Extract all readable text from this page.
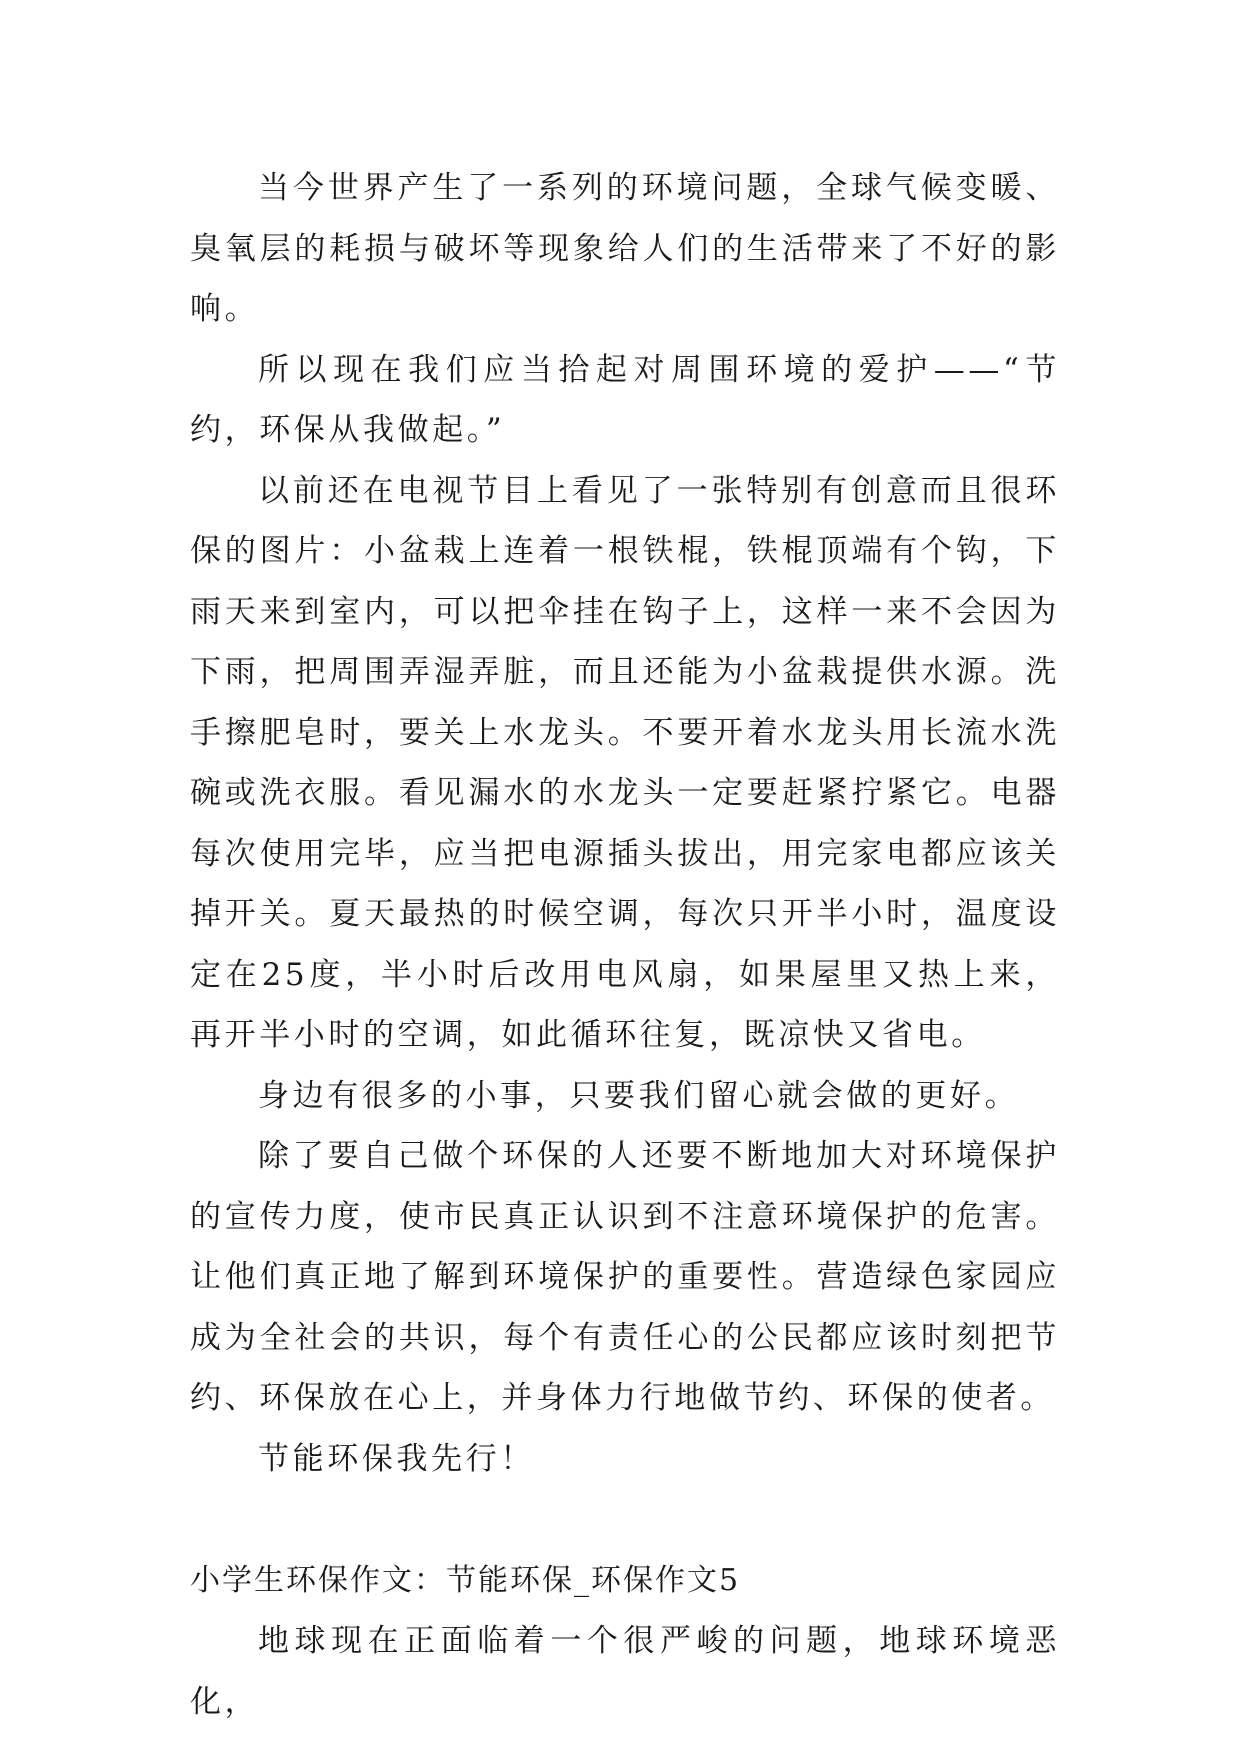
当今世界产生了一系列的环境问题，全球气候变暖、臭氧层的耗损与破坏等现象给人们的生活带来了不好的影响。

所以现在我们应当拾起对周围环境的爱护——“节约，环保从我做起。”

以前还在电视节目上看见了一张特别有创意而且很环保的图片：小盆栽上连着一根铁棍，铁棍顶端有个钩，下雨天来到室内，可以把伞挂在钩子上，这样一来不会因为下雨，把周围弄湿弄脏，而且还能为小盆栽提供水源。洗手擦肥皂时，要关上水龙头。不要开着水龙头用长流水洗碗或洗衣服。看见漏水的水龙头一定要赶紧拧紧它。电器每次使用完毕，应当把电源插头拔出，用完家电都应该关掉开关。夏天最热的时候空调，每次只开半小时，温度设定在25度，半小时后改用电风扇，如果屋里又热上来，再开半小时的空调，如此循环往复，既凉快又省电。

身边有很多的小事，只要我们留心就会做的更好。

除了要自己做个环保的人还要不断地加大对环境保护的宣传力度，使市民真正认识到不注意环境保护的危害。让他们真正地了解到环境保护的重要性。营造绿色家园应成为全社会的共识，每个有责任心的公民都应该时刻把节约、环保放在心上，并身体力行地做节约、环保的使者。

节能环保我先行！

小学生环保作文：节能环保_环保作文5

地球现在正面临着一个很严峻的问题，地球环境恶化，
